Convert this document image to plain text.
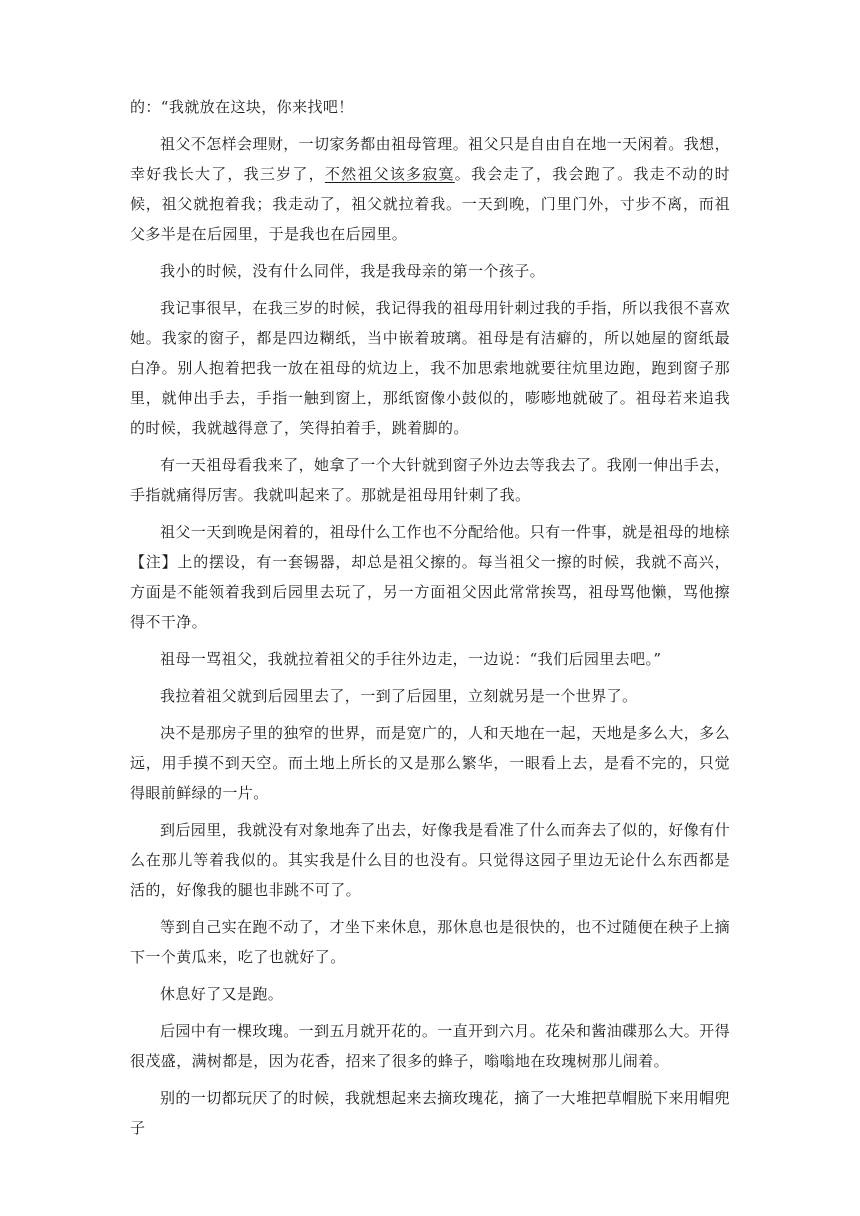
的：“我就放在这块，你来找吧！

祖父不怎样会理财，一切家务都由祖母管理。祖父只是自由自在地一天闲着。我想，幸好我长大了，我三岁了，不然祖父该多寂寞。我会走了，我会跑了。我走不动的时候，祖父就抱着我；我走动了，祖父就拉着我。一天到晚，门里门外，寸步不离，而祖父多半是在后园里，于是我也在后园里。

我小的时候，没有什么同伴，我是我母亲的第一个孩子。

我记事很早，在我三岁的时候，我记得我的祖母用针刺过我的手指，所以我很不喜欢她。我家的窗子，都是四边糊纸，当中嵌着玻璃。祖母是有洁癖的，所以她屋的窗纸最白净。别人抱着把我一放在祖母的炕边上，我不加思索地就要往炕里边跑，跑到窗子那里，就伸出手去，手指一触到窗上，那纸窗像小鼓似的，嘭嘭地就破了。祖母若来追我的时候，我就越得意了，笑得拍着手，跳着脚的。

有一天祖母看我来了，她拿了一个大针就到窗子外边去等我去了。我刚一伸出手去，手指就痛得厉害。我就叫起来了。那就是祖母用针刺了我。

祖父一天到晚是闲着的，祖母什么工作也不分配给他。只有一件事，就是祖母的地榇【注】上的摆设，有一套锡器，却总是祖父擦的。每当祖父一擦的时候，我就不高兴，方面是不能领着我到后园里去玩了，另一方面祖父因此常常挨骂，祖母骂他懒，骂他擦得不干净。

祖母一骂祖父，我就拉着祖父的手往外边走，一边说：“我们后园里去吧。”

我拉着祖父就到后园里去了，一到了后园里，立刻就另是一个世界了。

决不是那房子里的独窄的世界，而是宽广的，人和天地在一起，天地是多么大，多么远，用手摸不到天空。而土地上所长的又是那么繁华，一眼看上去，是看不完的，只觉得眼前鲜绿的一片。

到后园里，我就没有对象地奔了出去，好像我是看准了什么而奔去了似的，好像有什么在那儿等着我似的。其实我是什么目的也没有。只觉得这园子里边无论什么东西都是活的，好像我的腿也非跳不可了。

等到自己实在跑不动了，才坐下来休息，那休息也是很快的，也不过随便在秧子上摘下一个黄瓜来，吃了也就好了。

休息好了又是跑。

后园中有一棵玫瑰。一到五月就开花的。一直开到六月。花朵和酱油碟那么大。开得很茂盛，满树都是，因为花香，招来了很多的蜂子，嗡嗡地在玫瑰树那儿闹着。

别的一切都玩厌了的时候，我就想起来去摘玫瑰花，摘了一大堆把草帽脱下来用帽兜子
